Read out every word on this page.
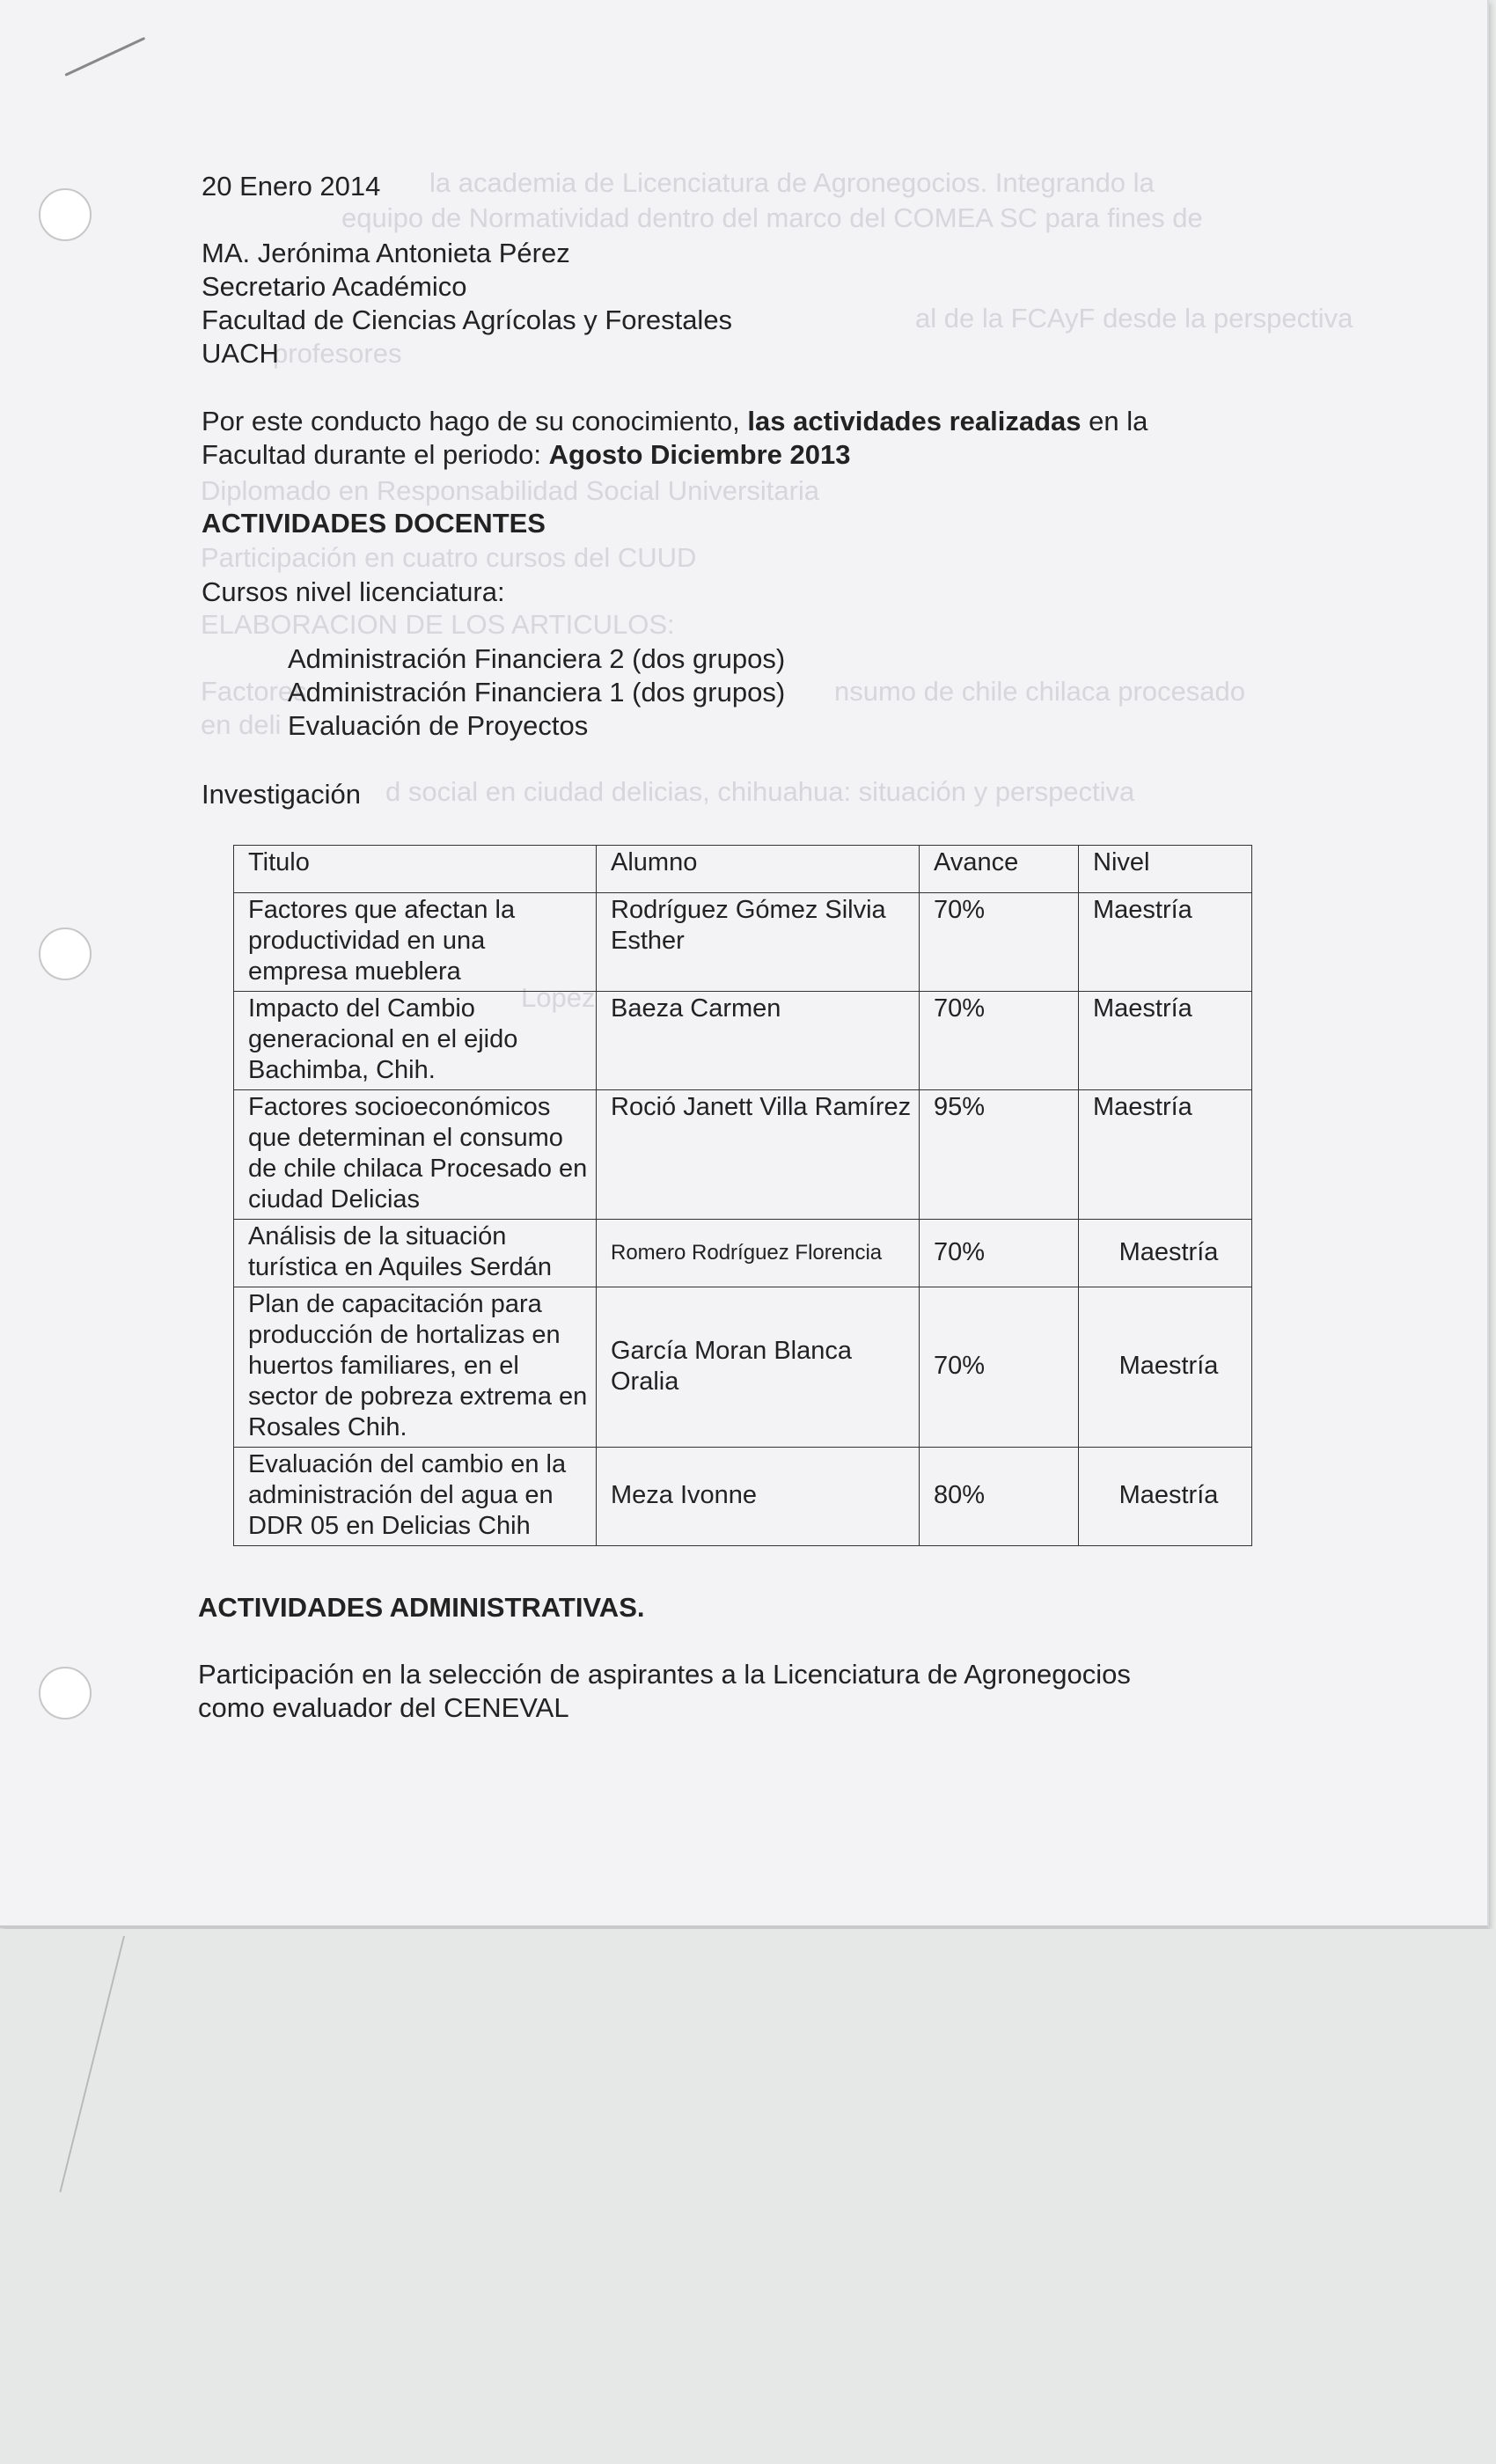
la academia de Licenciatura de Agronegocios. Integrando la
equipo de Normatividad dentro del marco del COMEA SC para fines de
al de la FCAyF desde la perspectiva
profesores
Diplomado en Responsabilidad Social Universitaria
Participación en cuatro cursos del CUUD
ELABORACION DE LOS ARTICULOS:
Factores	nsumo de chile chilaca procesado
en deli
d social en ciudad delicias, chihuahua: situación y perspectiva
Lopez
20 Enero 2014
MA. Jerónima Antonieta Pérez
Secretario Académico
Facultad de Ciencias Agrícolas y Forestales
UACH
Por este conducto hago de su conocimiento, las actividades realizadas en la
Facultad durante el periodo: Agosto Diciembre 2013
ACTIVIDADES DOCENTES
Cursos nivel licenciatura:
Administración Financiera 2 (dos grupos)
Administración Financiera 1 (dos grupos)
Evaluación de Proyectos
Investigación
Titulo	Alumno	Avance	Nivel
Factores que afectan la productividad en una empresa mueblera	Rodríguez Gómez Silvia Esther	70%	Maestría
Impacto del Cambio generacional en el ejido Bachimba, Chih.	Baeza Carmen	70%	Maestría
Factores socioeconómicos que determinan el consumo de chile chilaca Procesado en ciudad Delicias	Roció Janett Villa Ramírez	95%	Maestría
Análisis de la situación turística en Aquiles Serdán	Romero Rodríguez Florencia	70%	Maestría
Plan de capacitación para producción de hortalizas en huertos familiares, en el sector de pobreza extrema en Rosales Chih.	García Moran Blanca Oralia	70%	Maestría
Evaluación del cambio en la administración del agua en DDR 05 en Delicias Chih	Meza Ivonne	80%	Maestría
ACTIVIDADES ADMINISTRATIVAS.
Participación en la selección de aspirantes a la Licenciatura de Agronegocios
como evaluador del CENEVAL
